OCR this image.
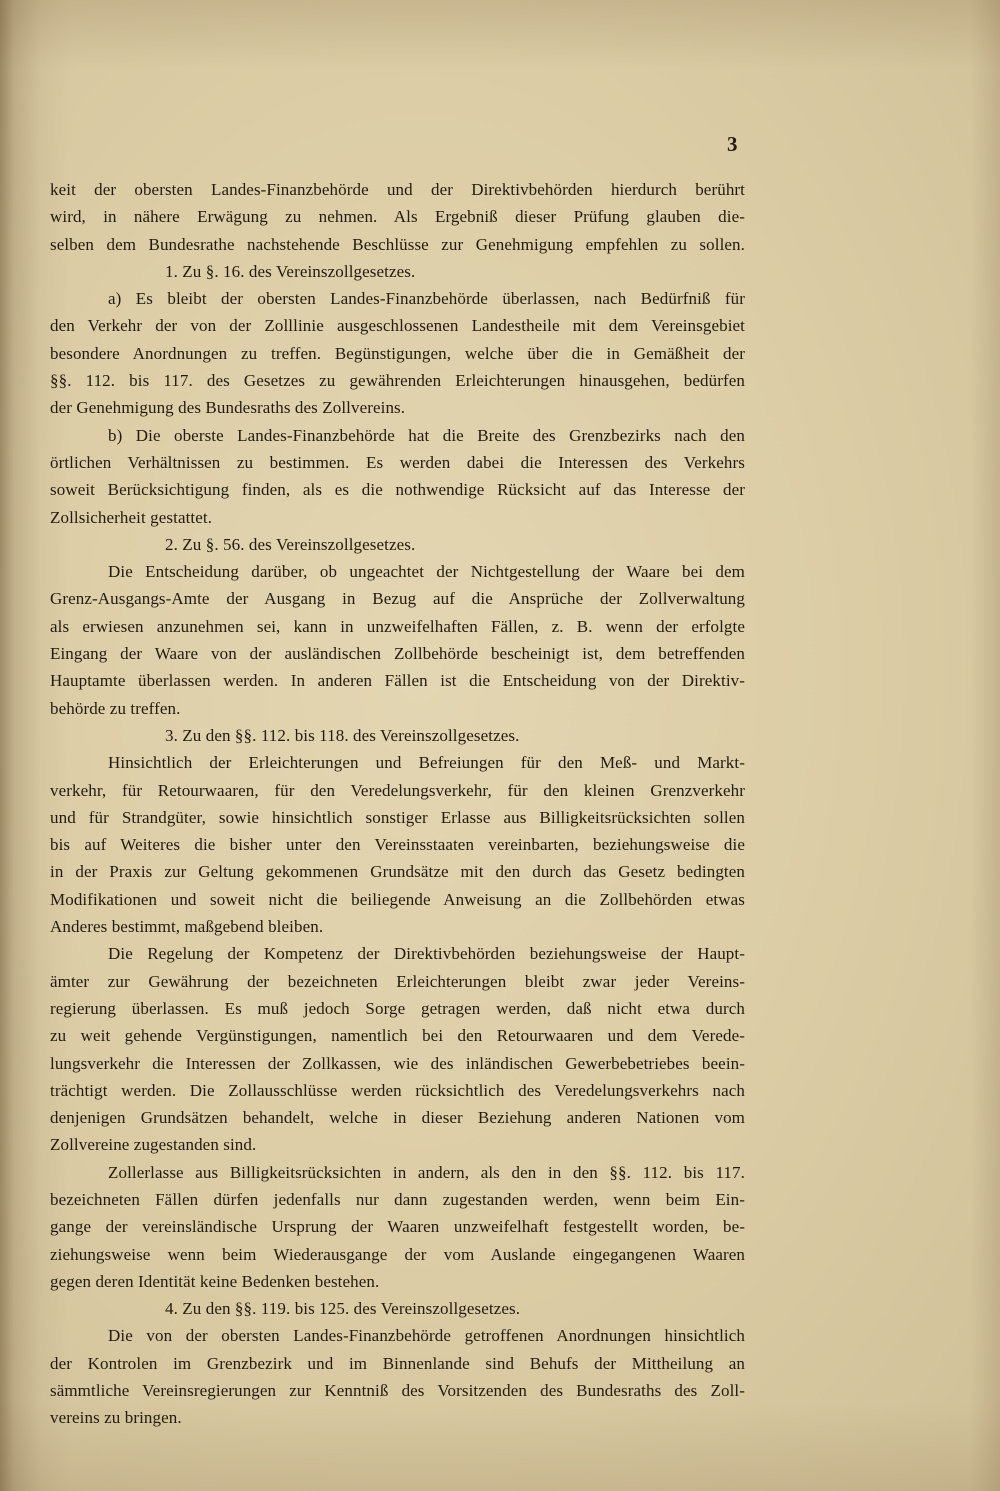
3
keit der obersten Landes-Finanzbehörde und der Direktivbehörden hierdurch berührt
wird, in nähere Erwägung zu nehmen. Als Ergebniß dieser Prüfung glauben die-
selben dem Bundesrathe nachstehende Beschlüsse zur Genehmigung empfehlen zu sollen.
1. Zu §. 16. des Vereinszollgesetzes.
a) Es bleibt der obersten Landes-Finanzbehörde überlassen, nach Bedürfniß für
den Verkehr der von der Zolllinie ausgeschlossenen Landestheile mit dem Vereinsgebiet
besondere Anordnungen zu treffen. Begünstigungen, welche über die in Gemäßheit der
§§. 112. bis 117. des Gesetzes zu gewährenden Erleichterungen hinausgehen, bedürfen
der Genehmigung des Bundesraths des Zollvereins.
b) Die oberste Landes-Finanzbehörde hat die Breite des Grenzbezirks nach den
örtlichen Verhältnissen zu bestimmen. Es werden dabei die Interessen des Verkehrs
soweit Berücksichtigung finden, als es die nothwendige Rücksicht auf das Interesse der
Zollsicherheit gestattet.
2. Zu §. 56. des Vereinszollgesetzes.
Die Entscheidung darüber, ob ungeachtet der Nichtgestellung der Waare bei dem
Grenz-Ausgangs-Amte der Ausgang in Bezug auf die Ansprüche der Zollverwaltung
als erwiesen anzunehmen sei, kann in unzweifelhaften Fällen, z. B. wenn der erfolgte
Eingang der Waare von der ausländischen Zollbehörde bescheinigt ist, dem betreffenden
Hauptamte überlassen werden. In anderen Fällen ist die Entscheidung von der Direktiv-
behörde zu treffen.
3. Zu den §§. 112. bis 118. des Vereinszollgesetzes.
Hinsichtlich der Erleichterungen und Befreiungen für den Meß- und Markt-
verkehr, für Retourwaaren, für den Veredelungsverkehr, für den kleinen Grenzverkehr
und für Strandgüter, sowie hinsichtlich sonstiger Erlasse aus Billigkeitsrücksichten sollen
bis auf Weiteres die bisher unter den Vereinsstaaten vereinbarten, beziehungsweise die
in der Praxis zur Geltung gekommenen Grundsätze mit den durch das Gesetz bedingten
Modifikationen und soweit nicht die beiliegende Anweisung an die Zollbehörden etwas
Anderes bestimmt, maßgebend bleiben.
Die Regelung der Kompetenz der Direktivbehörden beziehungsweise der Haupt-
ämter zur Gewährung der bezeichneten Erleichterungen bleibt zwar jeder Vereins-
regierung überlassen. Es muß jedoch Sorge getragen werden, daß nicht etwa durch
zu weit gehende Vergünstigungen, namentlich bei den Retourwaaren und dem Verede-
lungsverkehr die Interessen der Zollkassen, wie des inländischen Gewerbebetriebes beein-
trächtigt werden. Die Zollausschlüsse werden rücksichtlich des Veredelungsverkehrs nach
denjenigen Grundsätzen behandelt, welche in dieser Beziehung anderen Nationen vom
Zollvereine zugestanden sind.
Zollerlasse aus Billigkeitsrücksichten in andern, als den in den §§. 112. bis 117.
bezeichneten Fällen dürfen jedenfalls nur dann zugestanden werden, wenn beim Ein-
gange der vereinsländische Ursprung der Waaren unzweifelhaft festgestellt worden, be-
ziehungsweise wenn beim Wiederausgange der vom Auslande eingegangenen Waaren
gegen deren Identität keine Bedenken bestehen.
4. Zu den §§. 119. bis 125. des Vereinszollgesetzes.
Die von der obersten Landes-Finanzbehörde getroffenen Anordnungen hinsichtlich
der Kontrolen im Grenzbezirk und im Binnenlande sind Behufs der Mittheilung an
sämmtliche Vereinsregierungen zur Kenntniß des Vorsitzenden des Bundesraths des Zoll-
vereins zu bringen.
